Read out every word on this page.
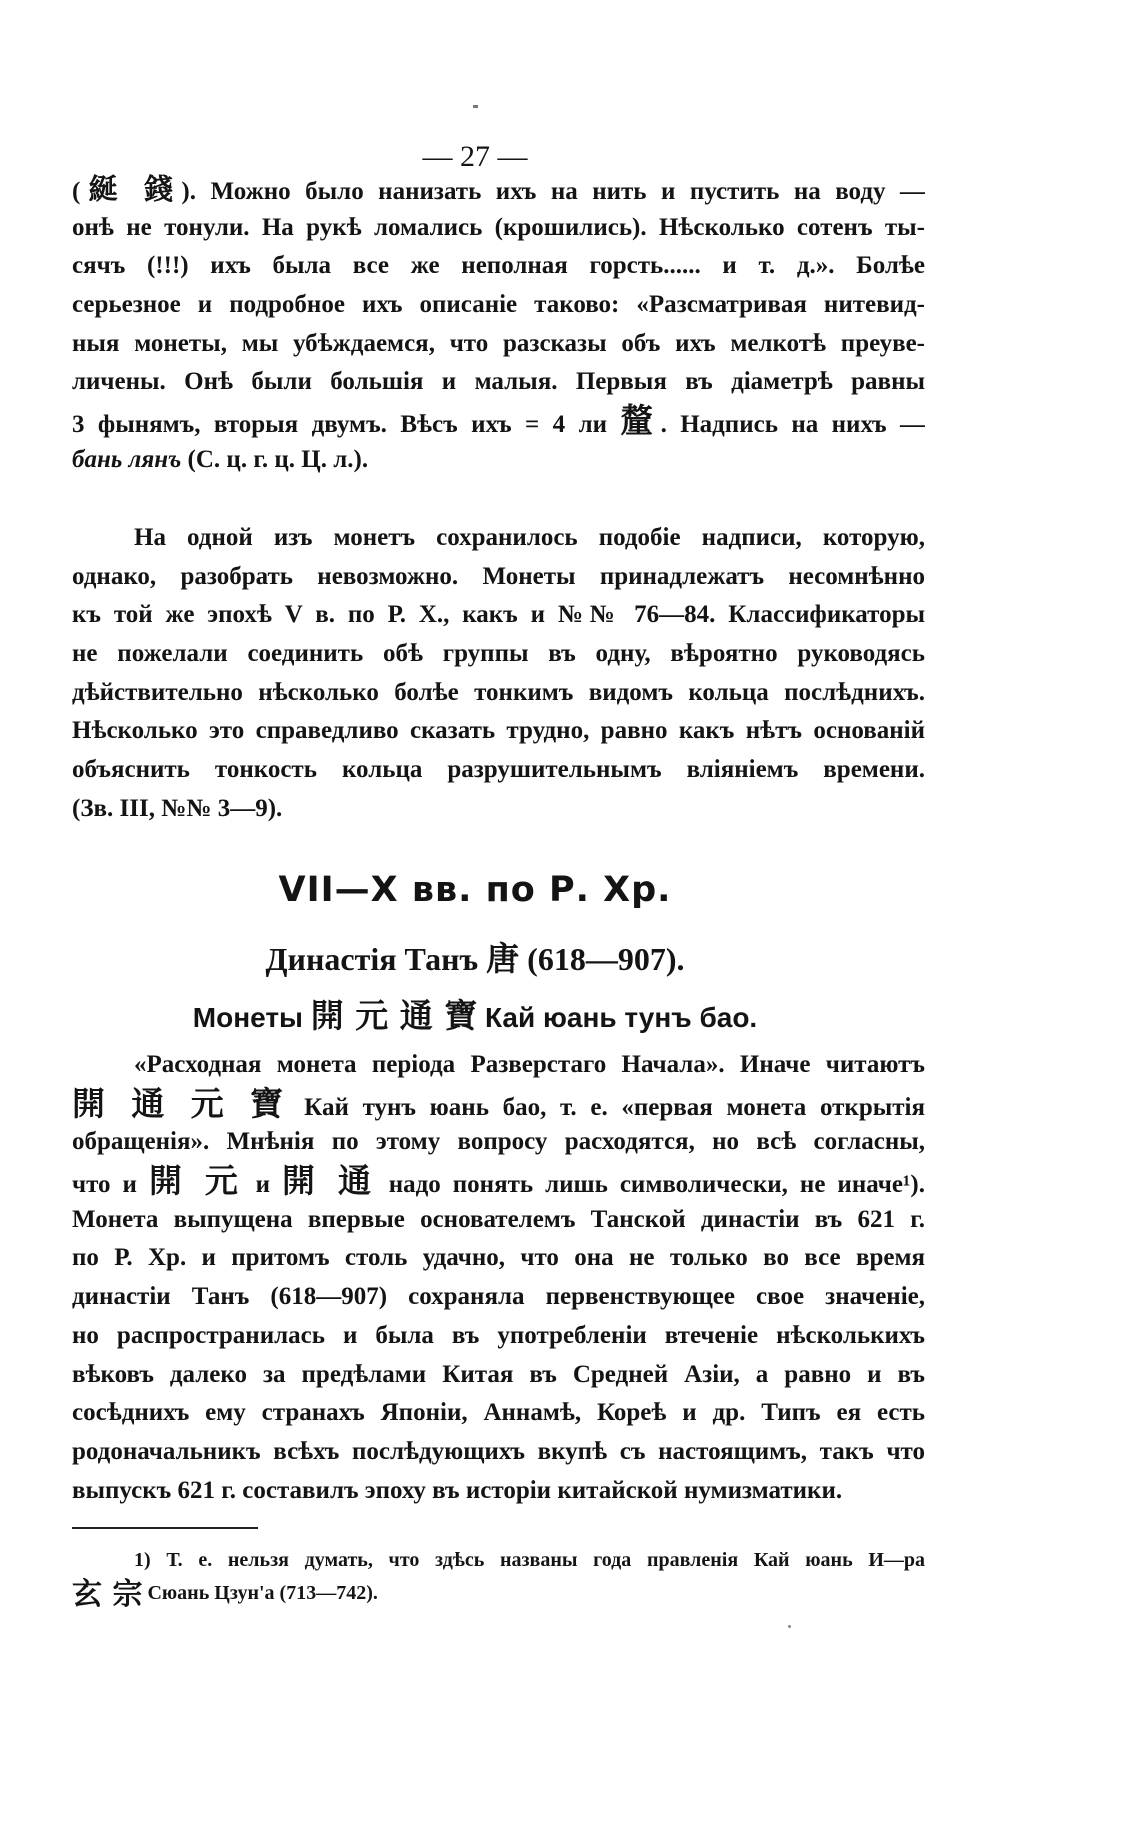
— 27 —
(綖 錢). Можно было нанизать ихъ на нить и пустить на воду —
онѣ не тонули. На рукѣ ломались (крошились). Нѣсколько сотенъ ты-
сячъ (!!!) ихъ была все же неполная горсть...... и т. д.». Болѣе
серьезное и подробное ихъ описаніе таково: «Разсматривая нитевид-
ныя монеты, мы убѣждаемся, что разсказы объ ихъ мелкотѣ преуве-
личены. Онѣ были большія и малыя. Первыя въ діаметрѣ равны
3 фынямъ, вторыя двумъ. Вѣсъ ихъ = 4 ли 釐. Надпись на нихъ —
бань лянъ (С. ц. г. ц. Ц. л.).
На одной изъ монетъ сохранилось подобіе надписи, которую,
однако, разобрать невозможно. Монеты принадлежатъ несомнѣнно
къ той же эпохѣ V в. по Р. Х., какъ и №№ 76—84. Классификаторы
не пожелали соединить обѣ группы въ одну, вѣроятно руководясь
дѣйствительно нѣсколько болѣе тонкимъ видомъ кольца послѣднихъ.
Нѣсколько это справедливо сказать трудно, равно какъ нѣтъ основаній
объяснить тонкость кольца разрушительнымъ вліяніемъ времени.
(Зв. III, №№ 3—9).
VII—X вв. по Р. Хр.
Династія Танъ 唐 (618—907).
Монеты 開 元 通 寶 Кай юань тунъ бао.
«Расходная монета періода Разверстаго Начала». Иначе читаютъ
開 通 元 寶 Кай тунъ юань бао, т. е. «первая монета открытія
обращенія». Мнѣнія по этому вопросу расходятся, но всѣ согласны,
что и 開 元 и 開 通 надо понять лишь символически, не иначе¹).
Монета выпущена впервые основателемъ Танской династіи въ 621 г.
по Р. Хр. и притомъ столь удачно, что она не только во все время
династіи Танъ (618—907) сохраняла первенствующее свое значеніе,
но распространилась и была въ употребленіи втеченіе нѣсколькихъ
вѣковъ далеко за предѣлами Китая въ Средней Азіи, а равно и въ
сосѣднихъ ему странахъ Японіи, Аннамѣ, Кореѣ и др. Типъ ея есть
родоначальникъ всѣхъ послѣдующихъ вкупѣ съ настоящимъ, такъ что
выпускъ 621 г. составилъ эпоху въ исторіи китайской нумизматики.
1) Т. е. нельзя думать, что здѣсь названы года правленія Кай юань И—ра
玄 宗 Сюань Цзун'а (713—742).
